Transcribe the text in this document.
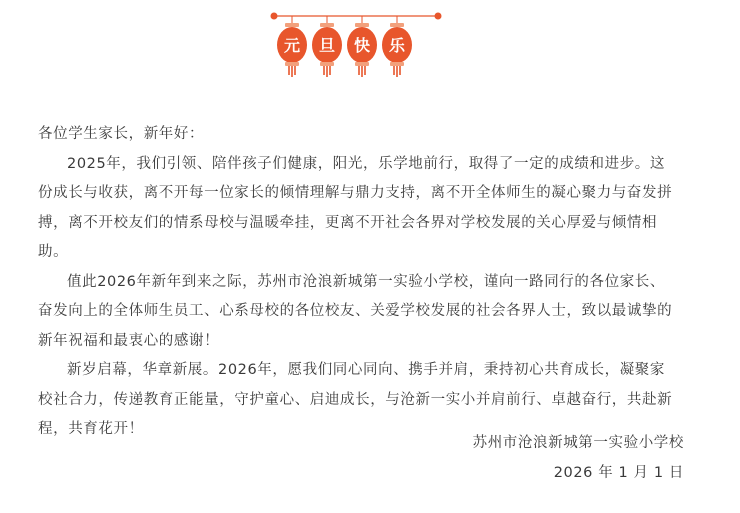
元 旦 快 乐

各位学生家长，新年好：

2025年，我们引领、陪伴孩子们健康，阳光，乐学地前行，取得了一定的成绩和进步。这份成长与收获，离不开每一位家长的倾情理解与鼎力支持，离不开全体师生的凝心聚力与奋发拼搏，离不开校友们的情系母校与温暖牵挂，更离不开社会各界对学校发展的关心厚爱与倾情相助。

值此2026年新年到来之际，苏州市沧浪新城第一实验小学校，谨向一路同行的各位家长、奋发向上的全体师生员工、心系母校的各位校友、关爱学校发展的社会各界人士，致以最诚挚的新年祝福和最衷心的感谢！

新岁启幕，华章新展。2026年，愿我们同心同向、携手并肩，秉持初心共育成长，凝聚家校社合力，传递教育正能量，守护童心、启迪成长，与沧新一实小并肩前行、卓越奋行，共赴新程，共育花开！

苏州市沧浪新城第一实验小学校
2026 年 1 月 1 日
